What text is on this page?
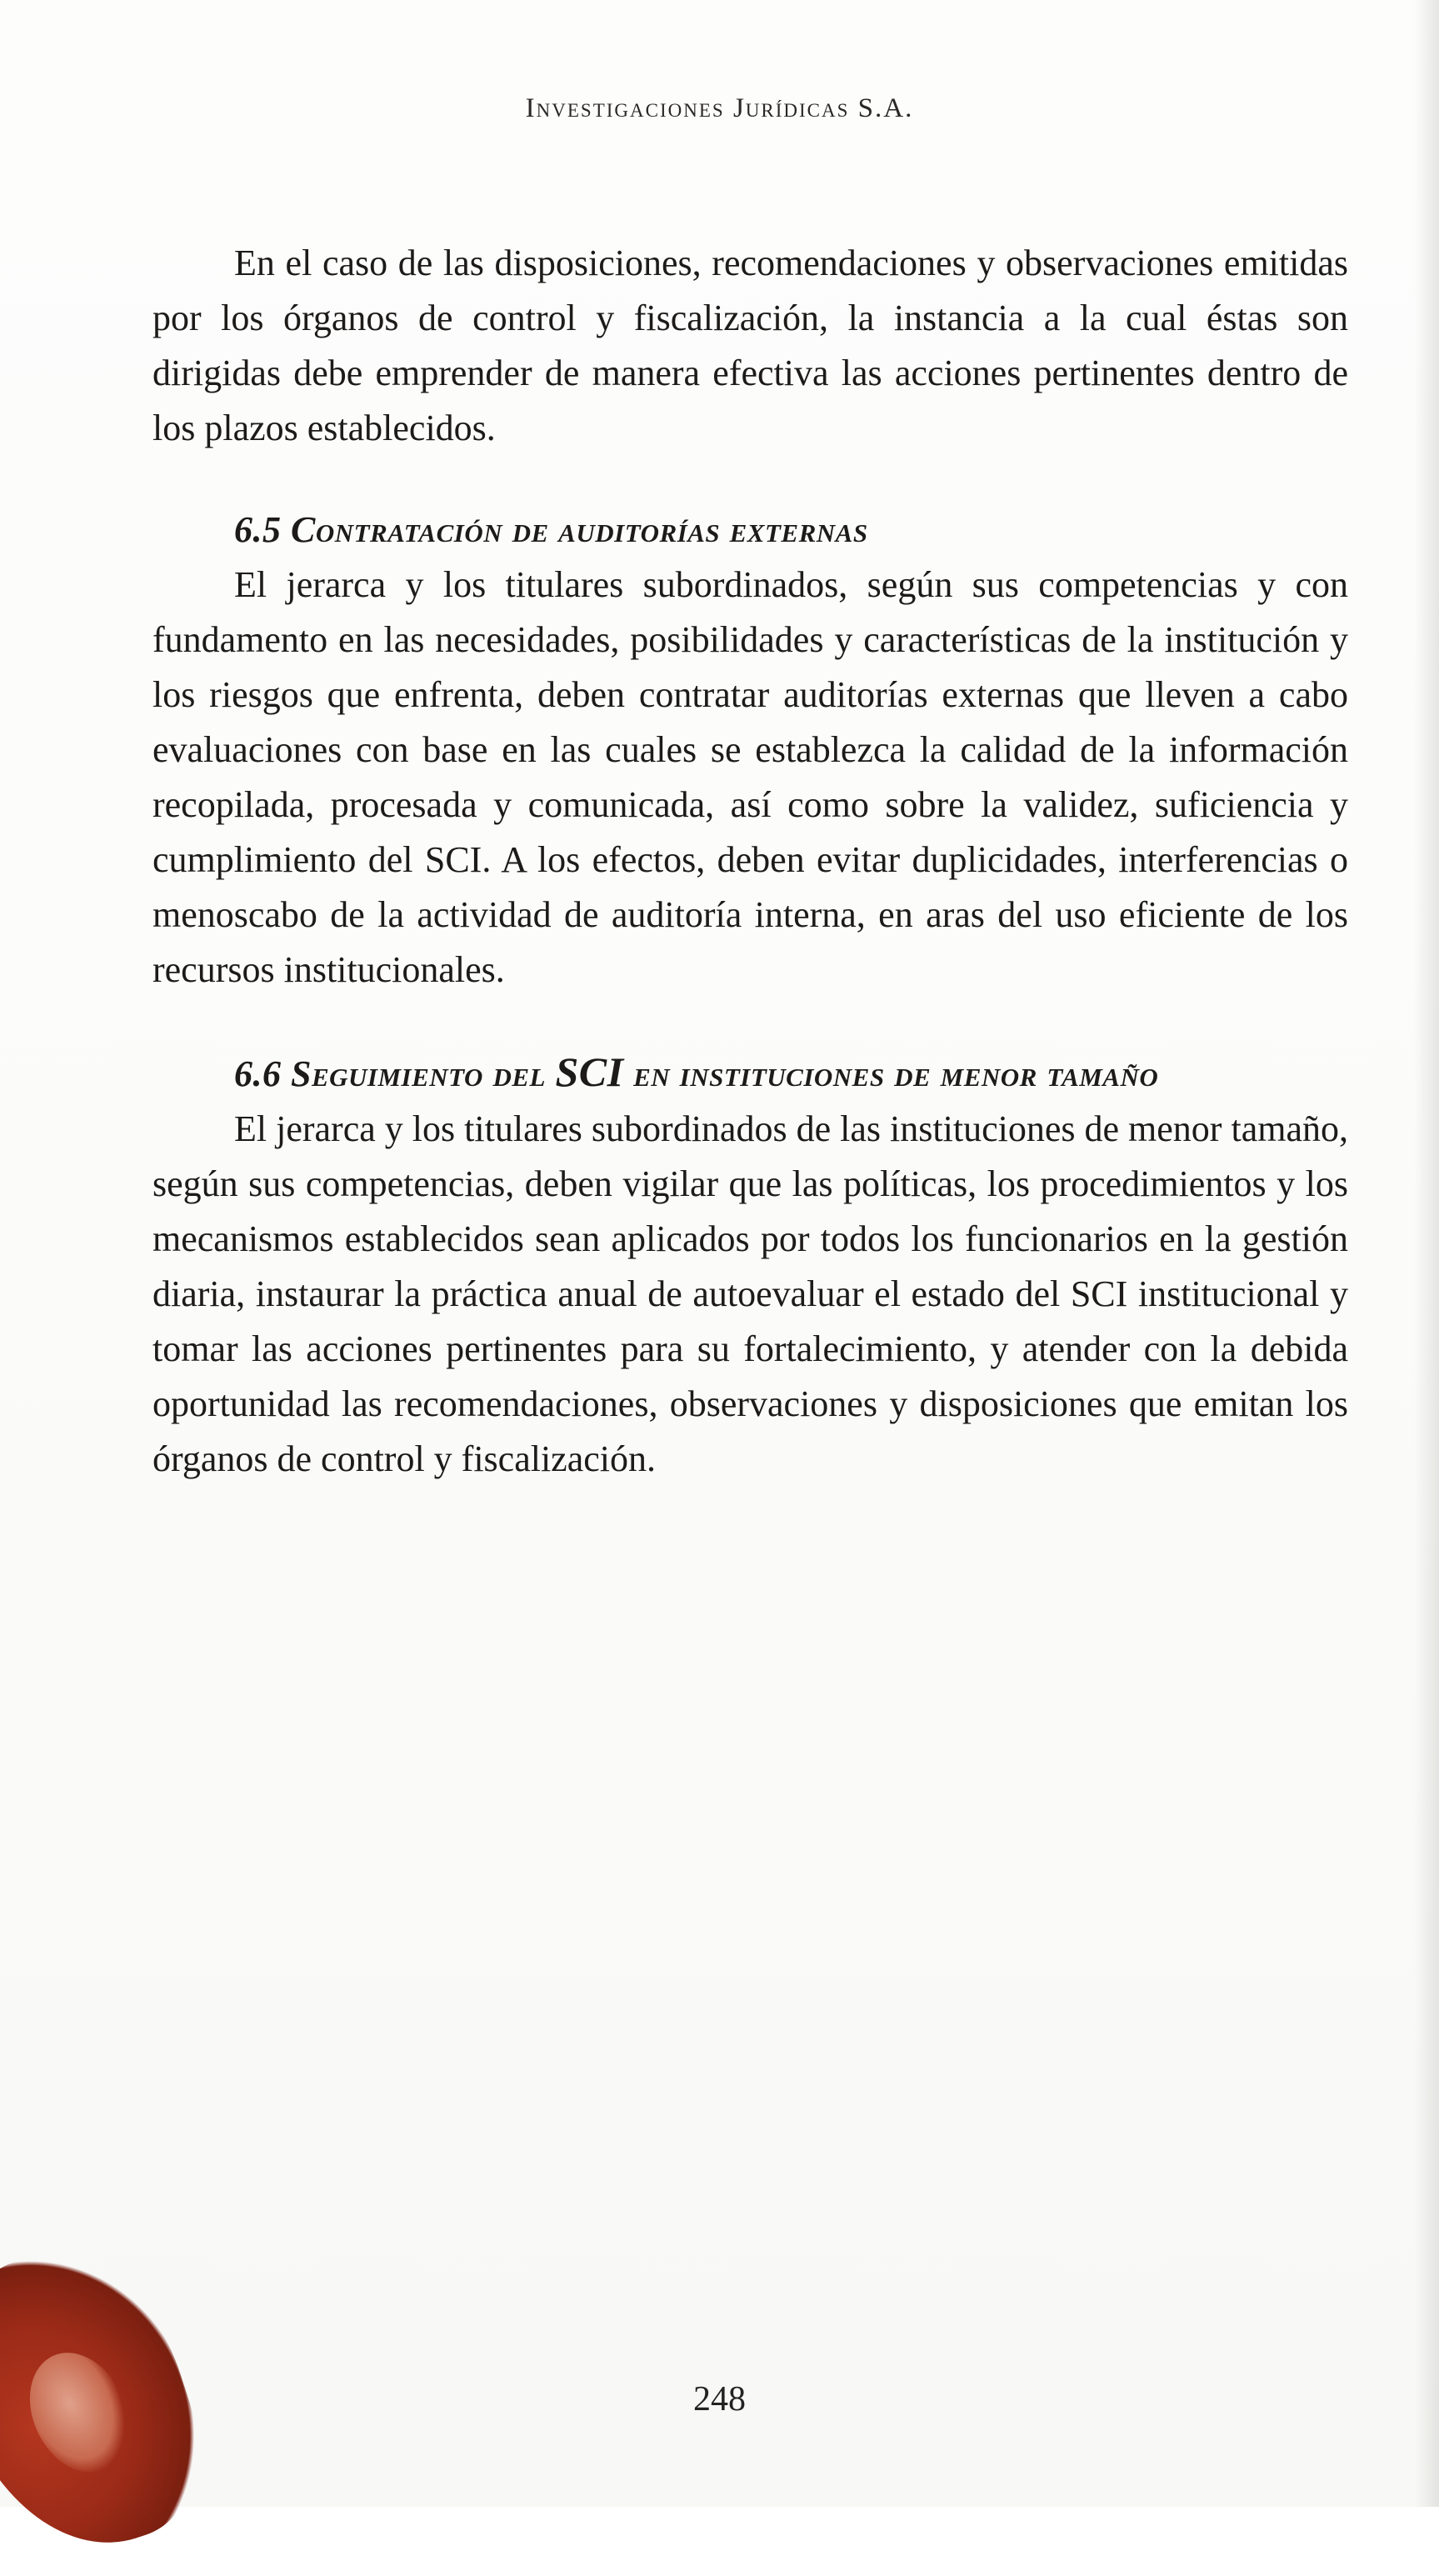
Investigaciones Jurídicas S.A.

En el caso de las disposiciones, recomendaciones y observaciones emitidas por los órganos de control y fiscalización, la instancia a la cual éstas son dirigidas debe emprender de manera efectiva las acciones pertinentes dentro de los plazos establecidos.

6.5 Contratación de auditorías externas

El jerarca y los titulares subordinados, según sus competencias y con fundamento en las necesidades, posibilidades y características de la institución y los riesgos que enfrenta, deben contratar auditorías externas que lleven a cabo evaluaciones con base en las cuales se establezca la calidad de la información recopilada, procesada y comunicada, así como sobre la validez, suficiencia y cumplimiento del SCI. A los efectos, deben evitar duplicidades, interferencias o menoscabo de la actividad de auditoría interna, en aras del uso eficiente de los recursos institucionales.

6.6 Seguimiento del SCI en instituciones de menor tamaño

El jerarca y los titulares subordinados de las instituciones de menor tamaño, según sus competencias, deben vigilar que las políticas, los procedimientos y los mecanismos establecidos sean aplicados por todos los funcionarios en la gestión diaria, instaurar la práctica anual de autoevaluar el estado del SCI institucional y tomar las acciones pertinentes para su fortalecimiento, y atender con la debida oportunidad las recomendaciones, observaciones y disposiciones que emitan los órganos de control y fiscalización.

248
